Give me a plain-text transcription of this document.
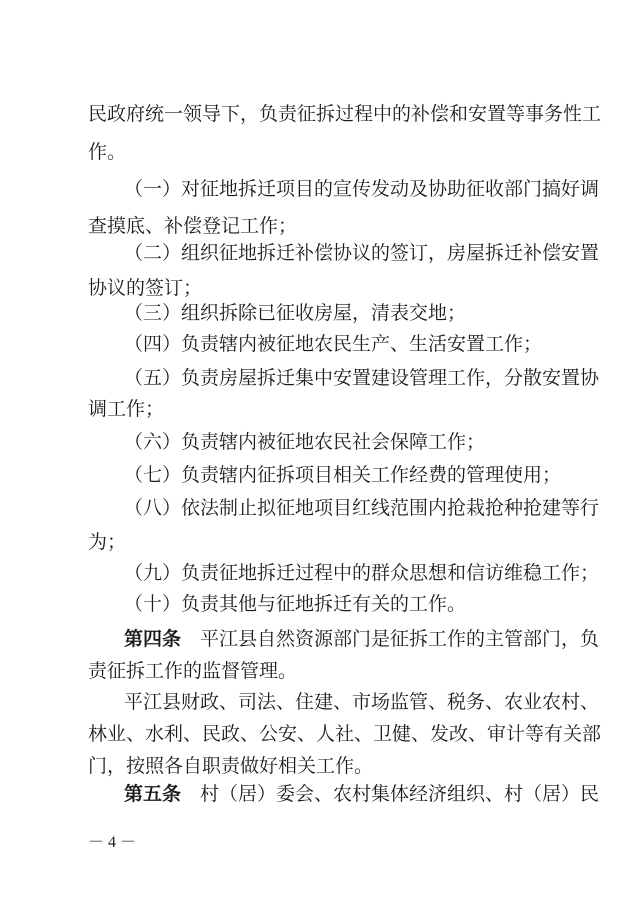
民政府统一领导下，负责征拆过程中的补偿和安置等事务性工
作。
（一）对征地拆迁项目的宣传发动及协助征收部门搞好调
查摸底、补偿登记工作；
（二）组织征地拆迁补偿协议的签订，房屋拆迁补偿安置
协议的签订；
（三）组织拆除已征收房屋，清表交地；
（四）负责辖内被征地农民生产、生活安置工作；
（五）负责房屋拆迁集中安置建设管理工作，分散安置协
调工作；
（六）负责辖内被征地农民社会保障工作；
（七）负责辖内征拆项目相关工作经费的管理使用；
（八）依法制止拟征地项目红线范围内抢栽抢种抢建等行
为；
（九）负责征地拆迁过程中的群众思想和信访维稳工作；
（十）负责其他与征地拆迁有关的工作。
第四条　 平江县自然资源部门是征拆工作的主管部门，负
责征拆工作的监督管理。
平江县财政、司法、住建、市场监管、税务、农业农村、
林业、水利、民政、公安、人社、卫健、发改、审计等有关部
门，按照各自职责做好相关工作。
第五条　 村（居）委会、农村集体经济组织、村（居）民
－ 4 －
